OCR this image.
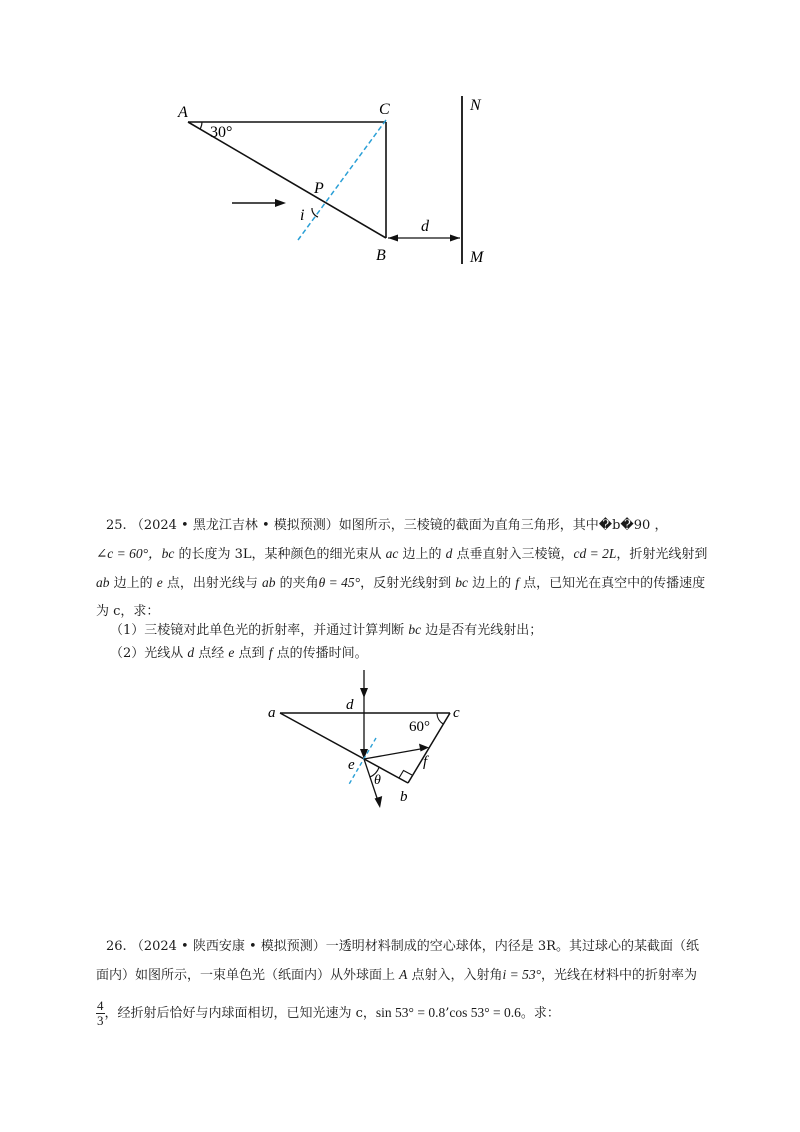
A
30°
C	N
P
i
d
B	M
25. （2024 • 黑龙江吉林 • 模拟预测）如图所示，三棱镜的截面为直角三角形，其中�b�90 ，
∠c = 60°，bc 的长度为 3L，某种颜色的细光束从 ac 边上的 d 点垂直射入三棱镜，cd = 2L，折射光线射到
ab 边上的 e 点，出射光线与 ab 的夹角θ = 45°，反射光线射到 bc 边上的 f 点，已知光在真空中的传播速度
为 c，求：
（1）三棱镜对此单色光的折射率，并通过计算判断 bc 边是否有光线射出；
（2）光线从 d 点经 e 点到 f 点的传播时间。
a	d	c
60°
e	f
θ
b
26. （2024 • 陕西安康 • 模拟预测）一透明材料制成的空心球体，内径是 3R。其过球心的某截面（纸
面内）如图所示，一束单色光（纸面内）从外球面上 A 点射入，入射角i = 53°，光线在材料中的折射率为
$\frac{4}{3}$ ，经折射后恰好与内球面相切，已知光速为 c，sin 53° = 0.8’cos 53° = 0.6。求：
